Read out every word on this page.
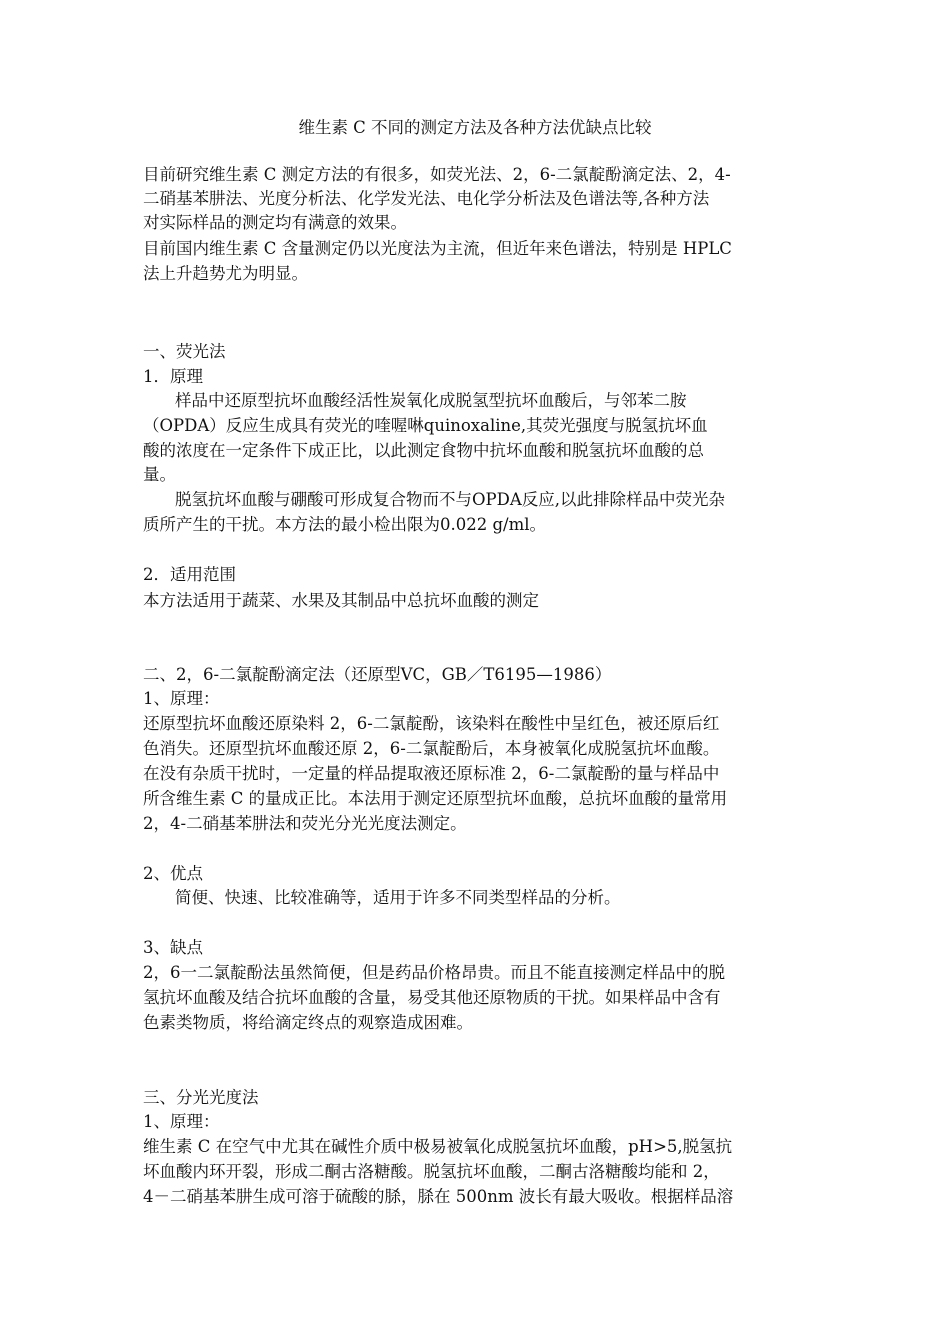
维生素 C 不同的测定方法及各种方法优缺点比较
目前研究维生素 C 测定方法的有很多，如荧光法、2，6-二氯靛酚滴定法、2，4-
二硝基苯肼法、光度分析法、化学发光法、电化学分析法及色谱法等,各种方法
对实际样品的测定均有满意的效果。
目前国内维生素 C 含量测定仍以光度法为主流，但近年来色谱法，特别是 HPLC
法上升趋势尤为明显。
一、荧光法
1．原理
样品中还原型抗坏血酸经活性炭氧化成脱氢型抗坏血酸后，与邻苯二胺
（OPDA）反应生成具有荧光的喹喔啉quinoxaline,其荧光强度与脱氢抗坏血
酸的浓度在一定条件下成正比，以此测定食物中抗坏血酸和脱氢抗坏血酸的总
量。
脱氢抗坏血酸与硼酸可形成复合物而不与OPDA反应,以此排除样品中荧光杂
质所产生的干扰。本方法的最小检出限为0.022 g/ml。
2．适用范围
本方法适用于蔬菜、水果及其制品中总抗坏血酸的测定
二、2，6-二氯靛酚滴定法（还原型VC，GB／T6195—1986）
1、原理：
还原型抗坏血酸还原染料 2，6-二氯靛酚，该染料在酸性中呈红色，被还原后红
色消失。还原型抗坏血酸还原 2，6-二氯靛酚后，本身被氧化成脱氢抗坏血酸。
在没有杂质干扰时，一定量的样品提取液还原标准 2，6-二氯靛酚的量与样品中
所含维生素 C 的量成正比。本法用于测定还原型抗坏血酸，总抗坏血酸的量常用
2，4-二硝基苯肼法和荧光分光光度法测定。
2、优点
简便、快速、比较准确等，适用于许多不同类型样品的分析。
3、缺点
2，6一二氯靛酚法虽然简便，但是药品价格昂贵。而且不能直接测定样品中的脱
氢抗坏血酸及结合抗坏血酸的含量，易受其他还原物质的干扰。如果样品中含有
色素类物质，将给滴定终点的观察造成困难。
三、分光光度法
1、原理：
维生素 C 在空气中尤其在碱性介质中极易被氧化成脱氢抗坏血酸，pH>5,脱氢抗
坏血酸内环开裂，形成二酮古洛糖酸。脱氢抗坏血酸，二酮古洛糖酸均能和 2，
4－二硝基苯肼生成可溶于硫酸的脎，脎在 500nm 波长有最大吸收。根据样品溶
